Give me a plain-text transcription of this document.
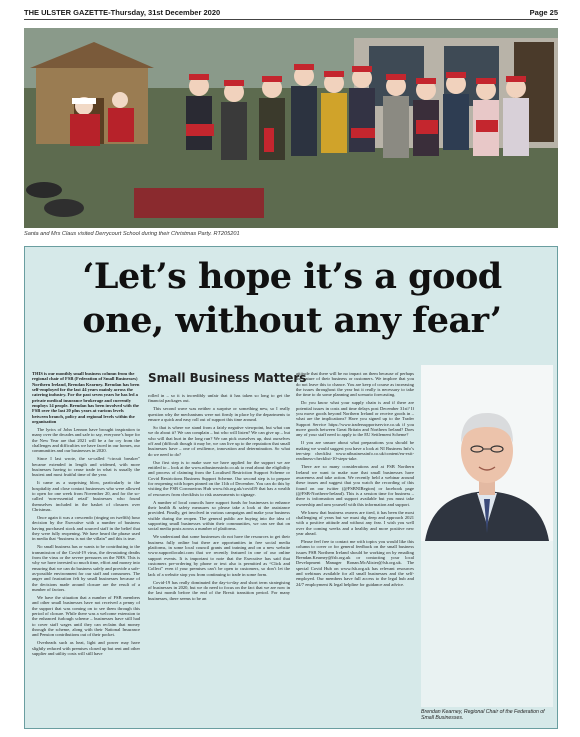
THE ULSTER GAZETTE-Thursday, 31st December 2020	Page 25
Santa and Mrs Claus visited Derrycourt School during their Christmas Party. RT205201
‘Let’s hope it’s a good
one, without any fear’

THIS is our monthly small business column from the regional chair of FSB (Federation of Small Businesses) Northern Ireland, Brendan Kearney. Brendan has been self-employed for the last 44 years mainly across the catering industry. For the past seven years he has led a private medical insurance brokerage and currently employs 14 people. Brendan has been involved with the FSB over the last 20 plus years at various levels between branch, policy and regional levels within the organisation

The lyrics of John Lennon have brought inspiration to many over the decades and safe to say, everyone’s hope for the New Year are that 2021 will be a far cry from the challenges and difficulties we have faced in our homes, our communities and our businesses in 2020.

Since I last wrote, the so-called “circuit breaker” became extended in length and widened, with more businesses having to cease trade in what is usually the busiest and most fruitful time of the year.

It came as a surprising blow, particularly to the hospitality and close contact businesses who were allowed to open for one week from November 20, and for the so-called ‘non-essential retail’ businesses who found themselves included in the basket of closures over Christmas.

Once again it was a crescendo (ringing on twelfth) hour decision by the Executive with a number of business having purchased stock and sourced staff in the belief that they were fully reopening. We have heard the phrase used in media that “business is not the villain” and this is true.

No small business has or wants to be contributing to the transmission of the Covid-19 virus, the devastating deaths from the virus or the severe pressures on the NHS. This is why we have invested so much time, effort and money into ensuring that we can do business safely and provide a safe-as-possible environment for our staff and consumers. The anger and frustration felt by small businesses because of the decisions made around closure are the result of a number of factors.

We have the situation that a number of FSB members and other small businesses have not received a penny of the support that was coming on to see them through this period of closure. While there was a welcome extension to the enhanced furlough scheme – businesses have still had to cover staff wages until they can reclaim that money through the scheme, along with their National Insurance and Pension contributions out of their pocket.

Overheads such as heat, light and power may have slightly reduced with premises closed up but rent and other supplier and utility costs will still have

Small Business Matters

rolled in – so it is incredibly unfair that it has taken so long to get the financial packages out.

This second wave was neither a surprise or something new, so I really question why the mechanisms were not firmly in place by the departments to ensure a quick and easy roll out of support this time around.

So that is where we stand from a fairly negative viewpoint, but what can we do about it? We can complain – but who will listen? We can give up – but who will that hurt in the long run? We can pick ourselves up, dust ourselves off and (difficult though it may be, we can live up to the reputation that small businesses have – one of resilience, innovation and determination. So what do we need to do?

Our first step is to make sure we have applied for the support we are entitled to – look at the www.nibusinessinfo.co.uk to read about the eligibility and process of claiming from the Localised Restriction Support Scheme or Covid Restrictions Business Support Scheme. Our second step is to prepare for reopening with hopes pinned on the 11th of December. You can do this by visiting the FSB Coronavirus Hub www.fsb.org.uk/covid19 that has a wealth of resources from checklists to risk assessments to signage.

A number of local councils have support funds for businesses to enhance their health & safety measures so please take a look at the assistance provided. Finally, get involved in various campaigns and make your business visible during the reopen. The general public are buying into the idea of supporting small businesses within their communities, we can see that on social media posts across a number of platforms.

We understand that some businesses do not have the resources to get their business fully online but there are opportunities in free social media platforms, in some local council grants and training and on a new website www.supportlocalni.com that we recently featured in one of our online support events. It is important to note that the Executive has said that customers pre-ordering by phone or text also is permitted as “Click and Collect” even if your premises can’t be open to customers, so don’t let the lack of a website stop you from continuing to trade in some form.

Covid-19 has really dominated the day-to-day and short term strategising of businesses in 2020, but we do need to focus on the fact that we are now in the last month before the end of the Brexit transition period. For many businesses, there seems to be an

attitude that there will be no impact on them because of perhaps the nature of their business or customers. We implore that you do not leave this to chance. You are keep of course as increasing the issues throughout the year but it really is necessary to take the time to do some planning and scenario forecasting.

Do you know what your supply chain is and if there are potential issues in costs and time delays post December 31st? If you move goods beyond Northern Ireland or receive goods in – what are the implications? Have you signed up to the Trader Support Service https://www.tradersupportservice.co.uk if you move goods between Great Britain and Northern Ireland? Does any of your staff need to apply to the EU Settlement Scheme?

If you are unsure about what preparations you should be making we would suggest you have a look at NI Business Info’s ten-step checklist www.nibusinessinfo.co.uk/content/eu-exit-readiness-checklist-10-steps-take.

There are so many considerations and at FSB Northern Ireland we want to make sure that small businesses have awareness and take action. We recently held a webinar around these issues and suggest that you watch the recording of this found on our twitter (@FSBNIRegion) or facebook page (@FSB-Northern-Ireland). This is a session time for business – there is information and support available but you must take ownership and arm yourself with this information and support.

We know that business owners are tired, it has been the most challenging of years but we must dig deep and approach 2021 with a positive attitude and without any fear. I wish you well over the coming weeks and a healthy and more positive new year ahead.

Please feel free to contact me with topics you would like this column to cover or for general feedback on the small business issues FSB Northern Ireland should be working on by emailing Brendan.Kearney@fsb.org.uk or contacting your local Development Manager Ronan.McAlister@fsb.org.uk. The special Covid Hub on www.fsb.org.uk has relevant resources and webinars available for all small businesses and the self-employed. Our members have full access to the legal hub and 24/7 employment & legal helpline for guidance and advice.

Brendan Kearney, Regional Chair of the Federation of Small Businesses.
